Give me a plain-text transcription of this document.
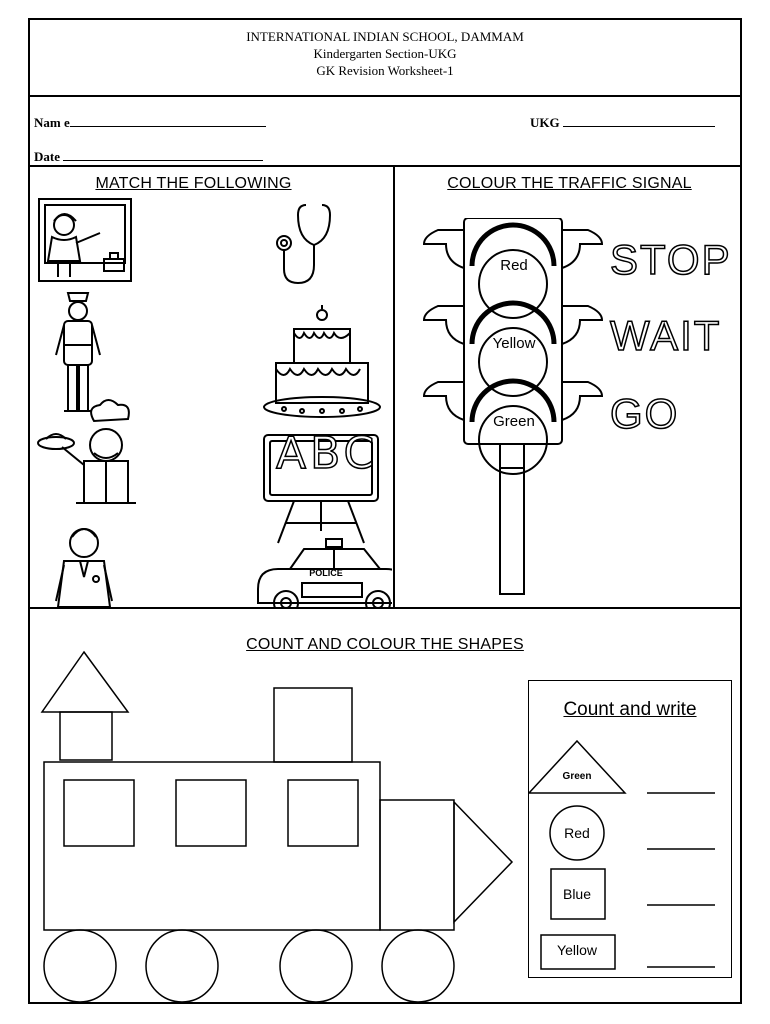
INTERNATIONAL INDIAN SCHOOL, DAMMAM
Kindergarten Section-UKG
GK Revision Worksheet-1
Nam e	UKG
Date
MATCH THE FOLLOWING
ABC
POLICE
COLOUR THE TRAFFIC SIGNAL
Red
Yellow
Green
STOP
WAIT
GO
COUNT AND COLOUR THE SHAPES
Count and write
Green
Red
Blue
Yellow
